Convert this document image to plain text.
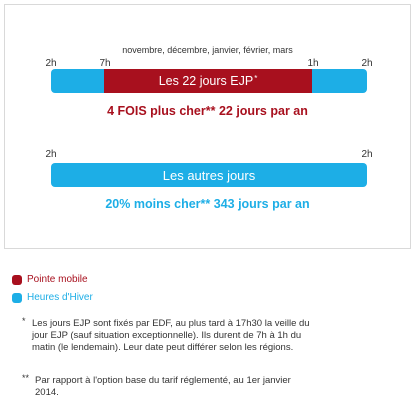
novembre, décembre, janvier, février, mars
2h	7h	1h	2h
Les 22 jours EJP*
4 FOIS plus cher** 22 jours par an
2h	2h
Les autres jours
20% moins cher** 343 jours par an
Pointe mobile
Heures d'Hiver
* Les jours EJP sont fixés par EDF, au plus tard à 17h30 la veille du jour EJP (sauf situation exceptionnelle). Ils durent de 7h à 1h du matin (le lendemain). Leur date peut différer selon les régions.
** Par rapport à l'option base du tarif réglementé, au 1er janvier 2014.
